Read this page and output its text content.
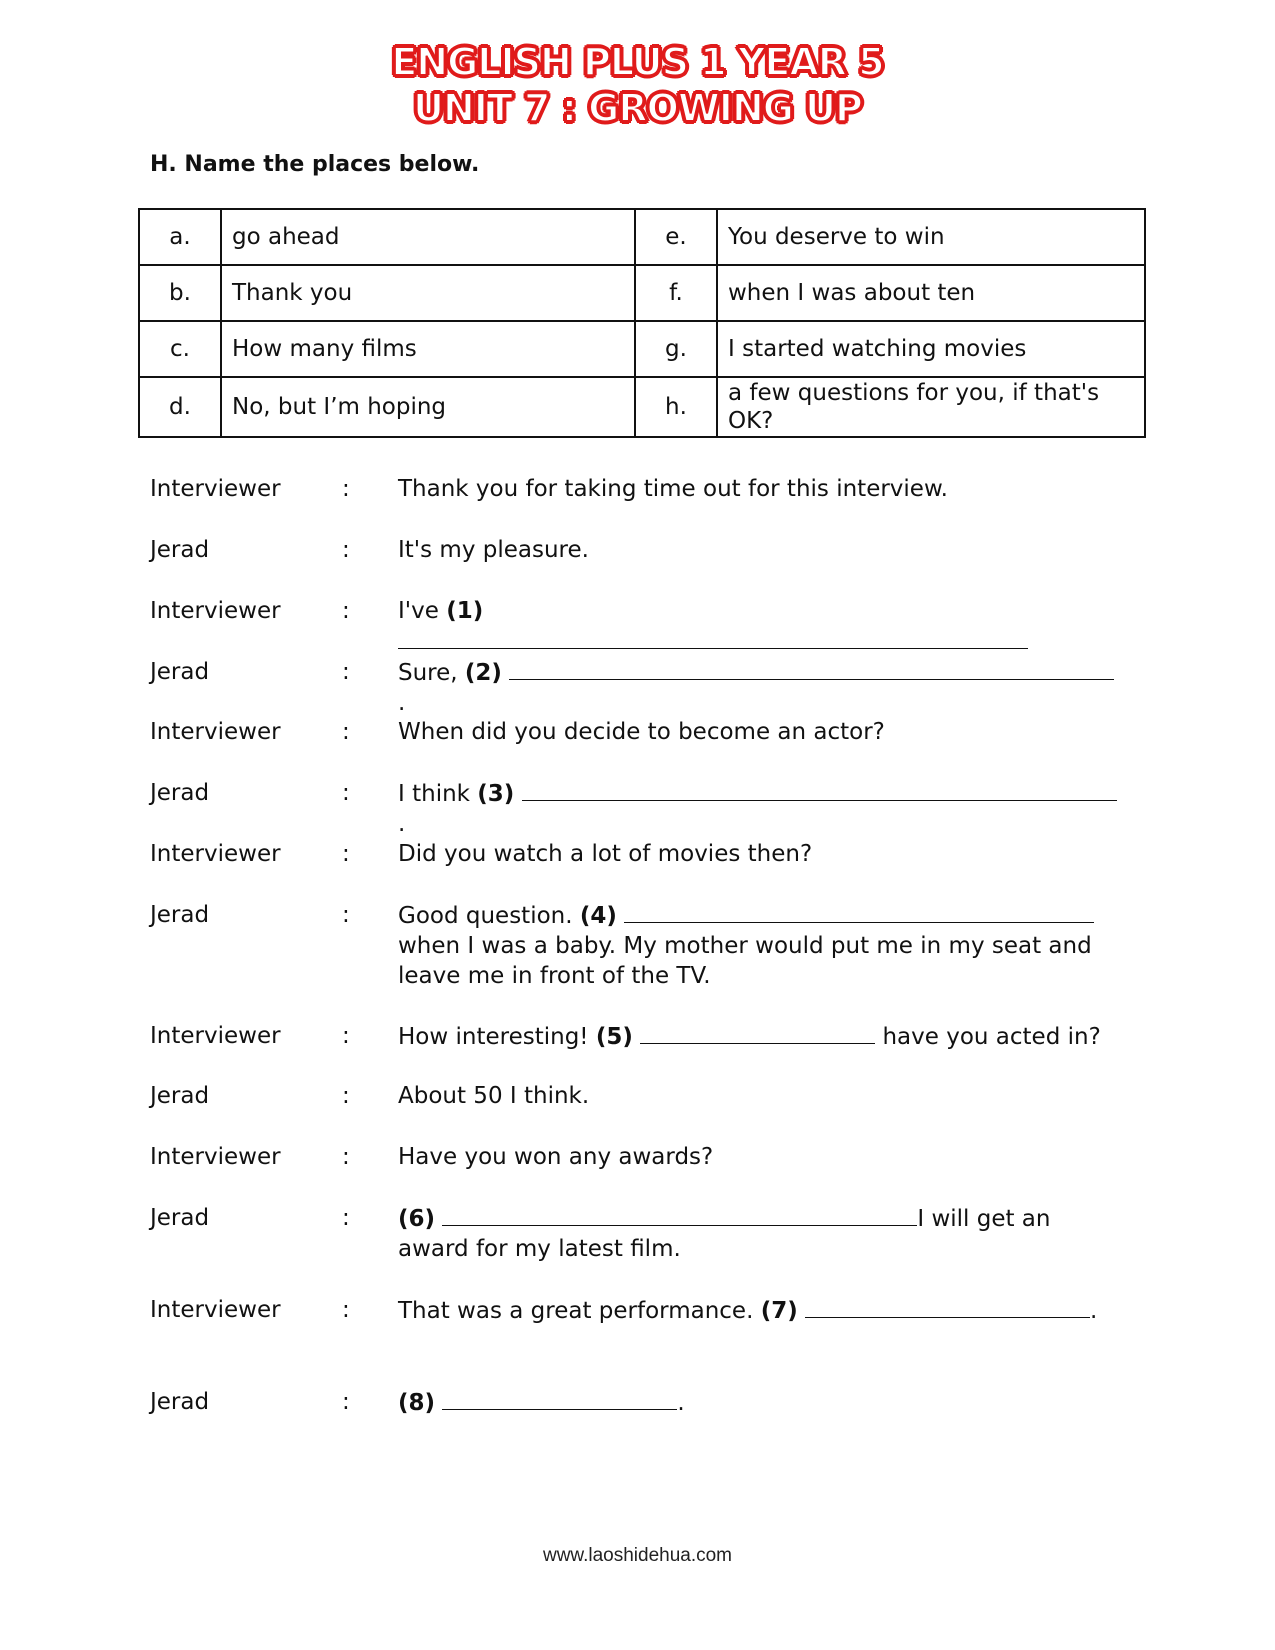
ENGLISH PLUS 1 YEAR 5
UNIT 7 : GROWING UP
H. Name the places below.
a.	go ahead	e.	You deserve to win
b.	Thank you	f.	when I was about ten
c.	How many films	g.	I started watching movies
d.	No, but I’m hoping	h.	a few questions for you, if that's OK?
Interviewer	: Thank you for taking time out for this interview.
Jerad	: It's my pleasure.
Interviewer	: I've (1)
Jerad	: Sure, (2) .
Interviewer	: When did you decide to become an actor?
Jerad	: I think (3) .
Interviewer	: Did you watch a lot of movies then?
Jerad	: Good question. (4)
when I was a baby. My mother would put me in my seat and leave me in front of the TV.
Interviewer	: How interesting! (5)	have you acted in?
Jerad	: About 50 I think.
Interviewer	: Have you won any awards?
Jerad	: (6)	I will get an
award for my latest film.
Interviewer	: That was a great performance. (7)	.
Jerad	: (8)	.
www.laoshidehua.com
